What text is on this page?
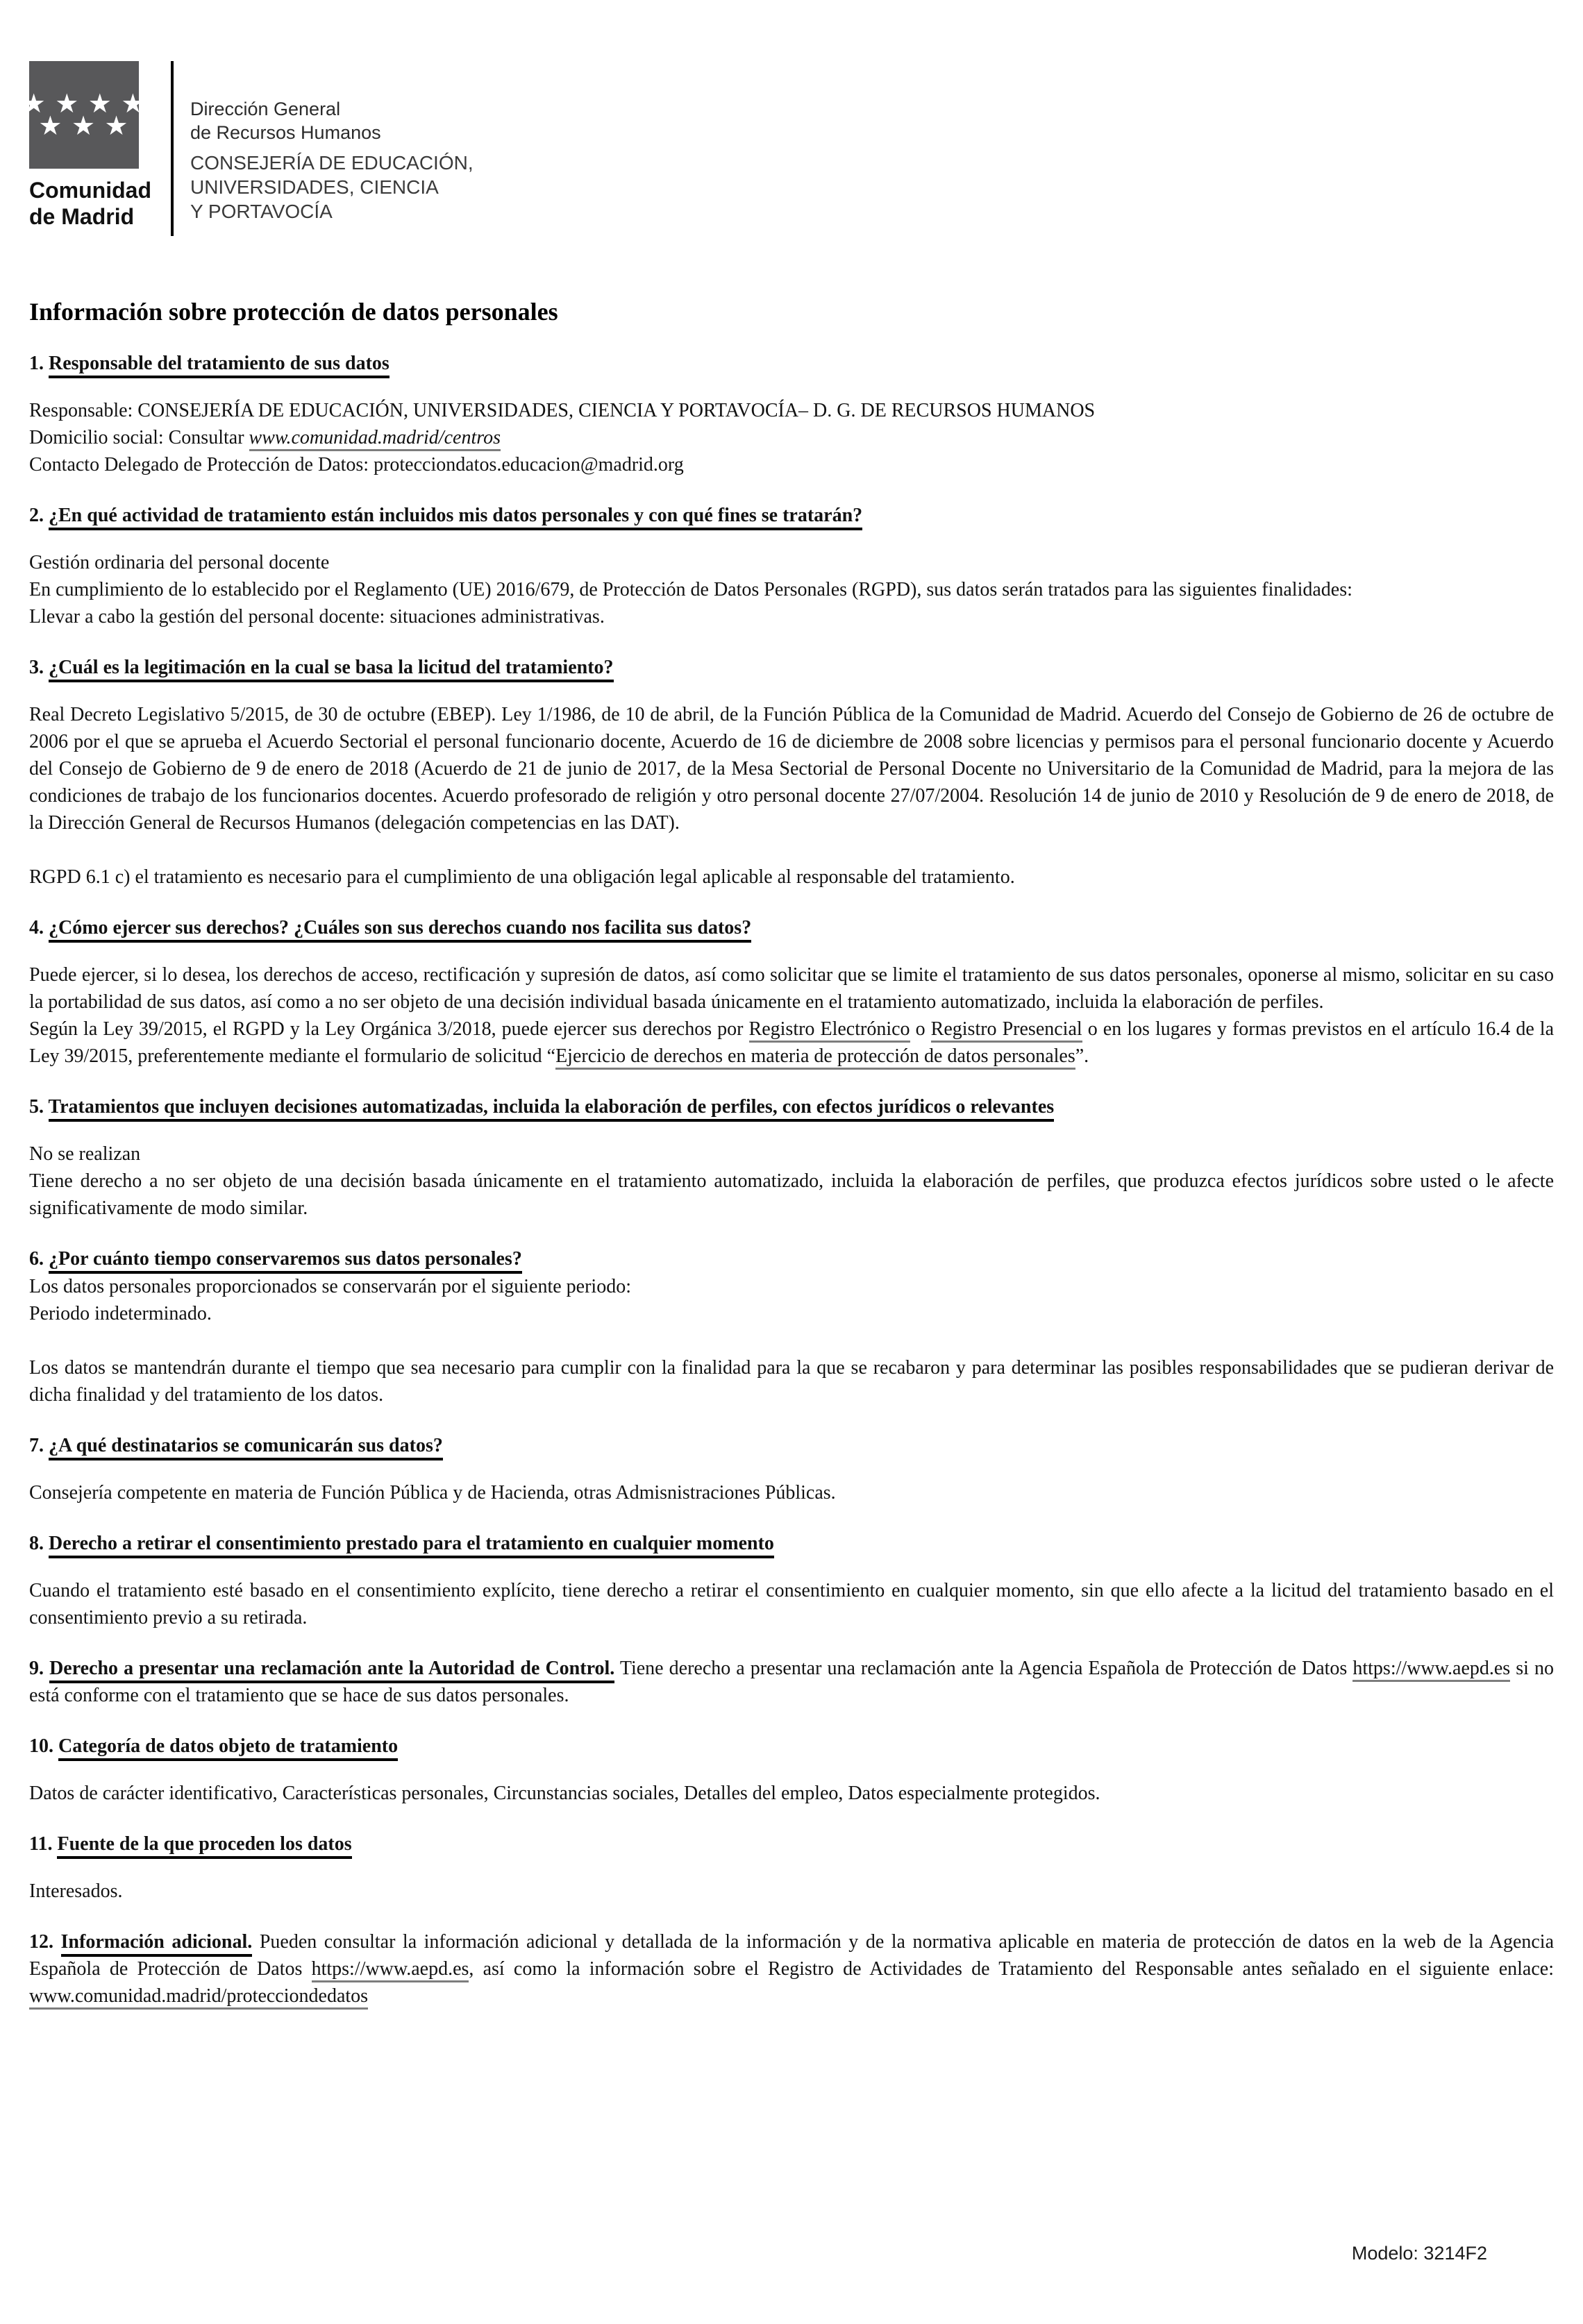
★ ★ ★ ★
★ ★ ★
Comunidad
de Madrid
Dirección General
de Recursos Humanos
CONSEJERÍA DE EDUCACIÓN,
UNIVERSIDADES, CIENCIA
Y PORTAVOCÍA
Información sobre protección de datos personales

1. Responsable del tratamiento de sus datos

Responsable: CONSEJERÍA DE EDUCACIÓN, UNIVERSIDADES, CIENCIA Y PORTAVOCÍA– D. G. DE RECURSOS HUMANOS

Domicilio social: Consultar www.comunidad.madrid/centros

Contacto Delegado de Protección de Datos: protecciondatos.educacion@madrid.org

2. ¿En qué actividad de tratamiento están incluidos mis datos personales y con qué fines se tratarán?

Gestión ordinaria del personal docente

En cumplimiento de lo establecido por el Reglamento (UE) 2016/679, de Protección de Datos Personales (RGPD), sus datos serán tratados para las siguientes finalidades:

Llevar a cabo la gestión del personal docente: situaciones administrativas.

3. ¿Cuál es la legitimación en la cual se basa la licitud del tratamiento?

Real Decreto Legislativo 5/2015, de 30 de octubre (EBEP). Ley 1/1986, de 10 de abril, de la Función Pública de la Comunidad de Madrid. Acuerdo del Consejo de Gobierno de 26 de octubre de 2006 por el que se aprueba el Acuerdo Sectorial el personal funcionario docente, Acuerdo de 16 de diciembre de 2008 sobre licencias y permisos para el personal funcionario docente y Acuerdo del Consejo de Gobierno de 9 de enero de 2018 (Acuerdo de 21 de junio de 2017, de la Mesa Sectorial de Personal Docente no Universitario de la Comunidad de Madrid, para la mejora de las condiciones de trabajo de los funcionarios docentes. Acuerdo profesorado de religión y otro personal docente 27/07/2004. Resolución 14 de junio de 2010 y Resolución de 9 de enero de 2018, de la Dirección General de Recursos Humanos (delegación competencias en las DAT).

RGPD 6.1 c) el tratamiento es necesario para el cumplimiento de una obligación legal aplicable al responsable del tratamiento.

4. ¿Cómo ejercer sus derechos? ¿Cuáles son sus derechos cuando nos facilita sus datos?

Puede ejercer, si lo desea, los derechos de acceso, rectificación y supresión de datos, así como solicitar que se limite el tratamiento de sus datos personales, oponerse al mismo, solicitar en su caso la portabilidad de sus datos, así como a no ser objeto de una decisión individual basada únicamente en el tratamiento automatizado, incluida la elaboración de perfiles.

Según la Ley 39/2015, el RGPD y la Ley Orgánica 3/2018, puede ejercer sus derechos por Registro Electrónico o Registro Presencial o en los lugares y formas previstos en el artículo 16.4 de la Ley 39/2015, preferentemente mediante el formulario de solicitud “Ejercicio de derechos en materia de protección de datos personales”.

5. Tratamientos que incluyen decisiones automatizadas, incluida la elaboración de perfiles, con efectos jurídicos o relevantes

No se realizan

Tiene derecho a no ser objeto de una decisión basada únicamente en el tratamiento automatizado, incluida la elaboración de perfiles, que produzca efectos jurídicos sobre usted o le afecte significativamente de modo similar.

6. ¿Por cuánto tiempo conservaremos sus datos personales?

Los datos personales proporcionados se conservarán por el siguiente periodo:

Periodo indeterminado.

Los datos se mantendrán durante el tiempo que sea necesario para cumplir con la finalidad para la que se recabaron y para determinar las posibles responsabilidades que se pudieran derivar de dicha finalidad y del tratamiento de los datos.

7. ¿A qué destinatarios se comunicarán sus datos?

Consejería competente en materia de Función Pública y de Hacienda, otras Admisnistraciones Públicas.

8. Derecho a retirar el consentimiento prestado para el tratamiento en cualquier momento

Cuando el tratamiento esté basado en el consentimiento explícito, tiene derecho a retirar el consentimiento en cualquier momento, sin que ello afecte a la licitud del tratamiento basado en el consentimiento previo a su retirada.

9. Derecho a presentar una reclamación ante la Autoridad de Control. Tiene derecho a presentar una reclamación ante la Agencia Española de Protección de Datos https://www.aepd.es si no está conforme con el tratamiento que se hace de sus datos personales.

10. Categoría de datos objeto de tratamiento

Datos de carácter identificativo, Características personales, Circunstancias sociales, Detalles del empleo, Datos especialmente protegidos.

11. Fuente de la que proceden los datos

Interesados.

12. Información adicional. Pueden consultar la información adicional y detallada de la información y de la normativa aplicable en materia de protección de datos en la web de la Agencia Española de Protección de Datos https://www.aepd.es, así como la información sobre el Registro de Actividades de Tratamiento del Responsable antes señalado en el siguiente enlace: www.comunidad.madrid/protecciondedatos

Modelo: 3214F2
